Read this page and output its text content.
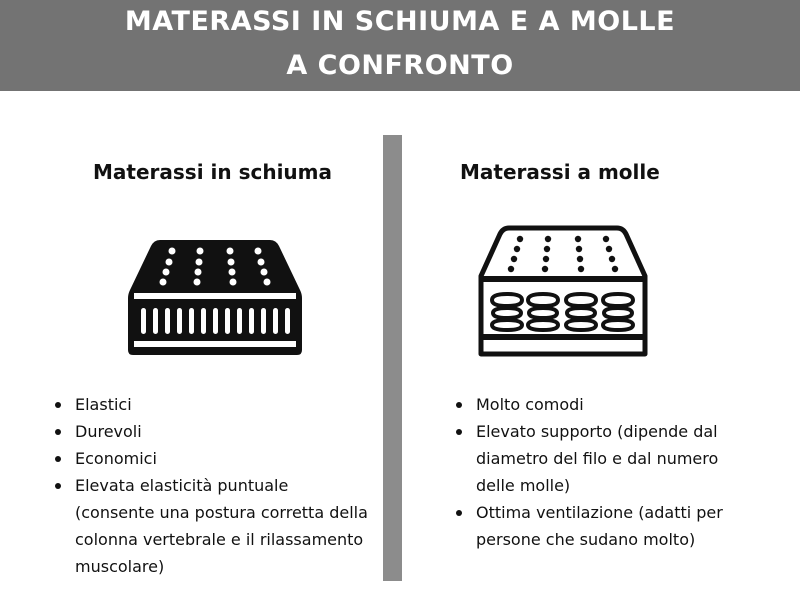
MATERASSI IN SCHIUMA E A MOLLE
A CONFRONTO
Materassi in schiuma	Materassi a molle
Elastici
Durevoli
Economici
Elevata elasticità puntuale (consente una postura corretta della colonna vertebrale e il rilassamento muscolare)
Molto comodi
Elevato supporto (dipende dal diametro del filo e dal numero delle molle)
Ottima ventilazione (adatti per persone che sudano molto)
